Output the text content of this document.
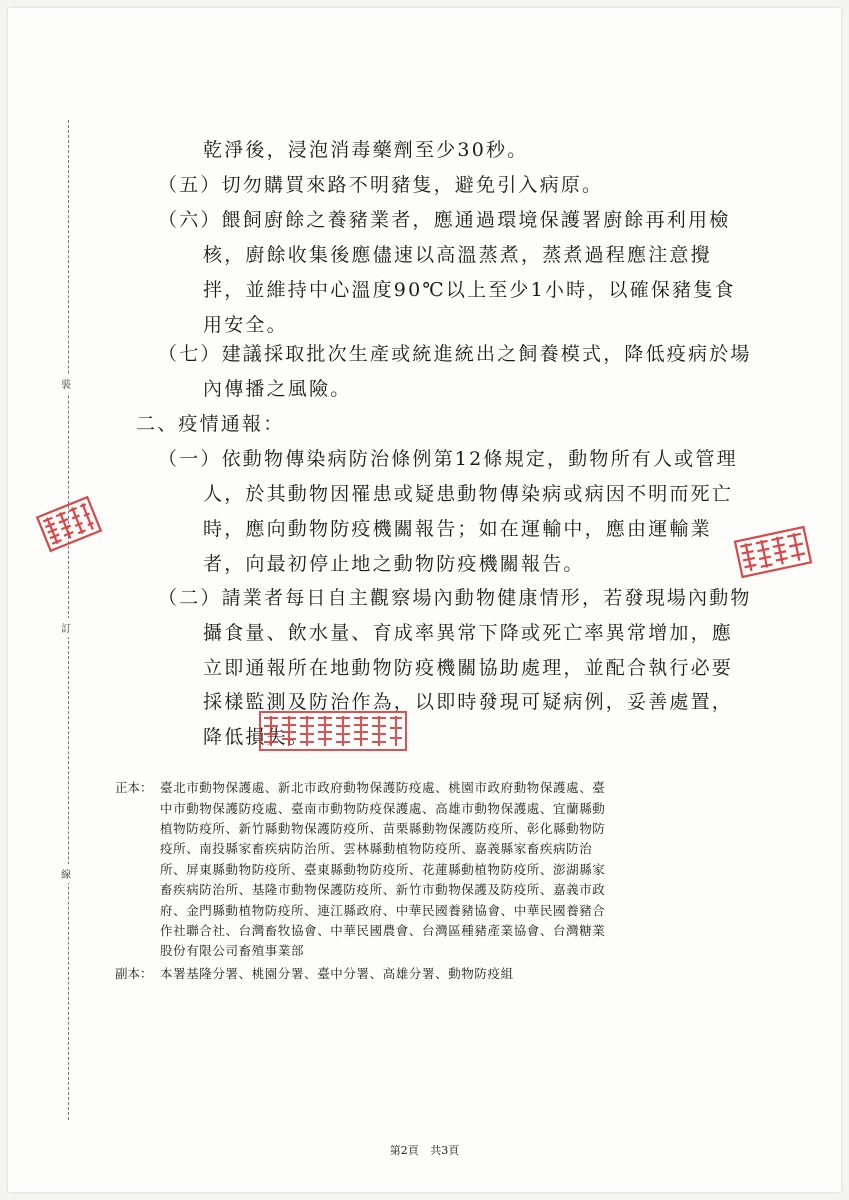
裝
訂
線
乾淨後，浸泡消毒藥劑至少30秒。
（五）切勿購買來路不明豬隻，避免引入病原。
（六）餵飼廚餘之養豬業者，應通過環境保護署廚餘再利用檢
核，廚餘收集後應儘速以高溫蒸煮，蒸煮過程應注意攪
拌，並維持中心溫度90℃以上至少1小時，以確保豬隻食
用安全。
（七）建議採取批次生產或統進統出之飼養模式，降低疫病於場
內傳播之風險。
二、疫情通報：
（一）依動物傳染病防治條例第12條規定，動物所有人或管理
人，於其動物因罹患或疑患動物傳染病或病因不明而死亡
時，應向動物防疫機關報告；如在運輸中，應由運輸業
者，向最初停止地之動物防疫機關報告。
（二）請業者每日自主觀察場內動物健康情形，若發現場內動物
攝食量、飲水量、育成率異常下降或死亡率異常增加，應
立即通報所在地動物防疫機關協助處理，並配合執行必要
採樣監測及防治作為，以即時發現可疑病例，妥善處置，
降低損失。
正本： 臺北市動物保護處、新北市政府動物保護防疫處、桃園市政府動物保護處、臺
中市動物保護防疫處、臺南市動物防疫保護處、高雄市動物保護處、宜蘭縣動
植物防疫所、新竹縣動物保護防疫所、苗栗縣動物保護防疫所、彰化縣動物防
疫所、南投縣家畜疾病防治所、雲林縣動植物防疫所、嘉義縣家畜疾病防治
所、屏東縣動物防疫所、臺東縣動物防疫所、花蓮縣動植物防疫所、澎湖縣家
畜疾病防治所、基隆市動物保護防疫所、新竹市動物保護及防疫所、嘉義市政
府、金門縣動植物防疫所、連江縣政府、中華民國養豬協會、中華民國養豬合
作社聯合社、台灣畜牧協會、中華民國農會、台灣區種豬產業協會、台灣糖業
股份有限公司畜殖事業部
副本： 本署基隆分署、桃園分署、臺中分署、高雄分署、動物防疫組
第2頁 共3頁
